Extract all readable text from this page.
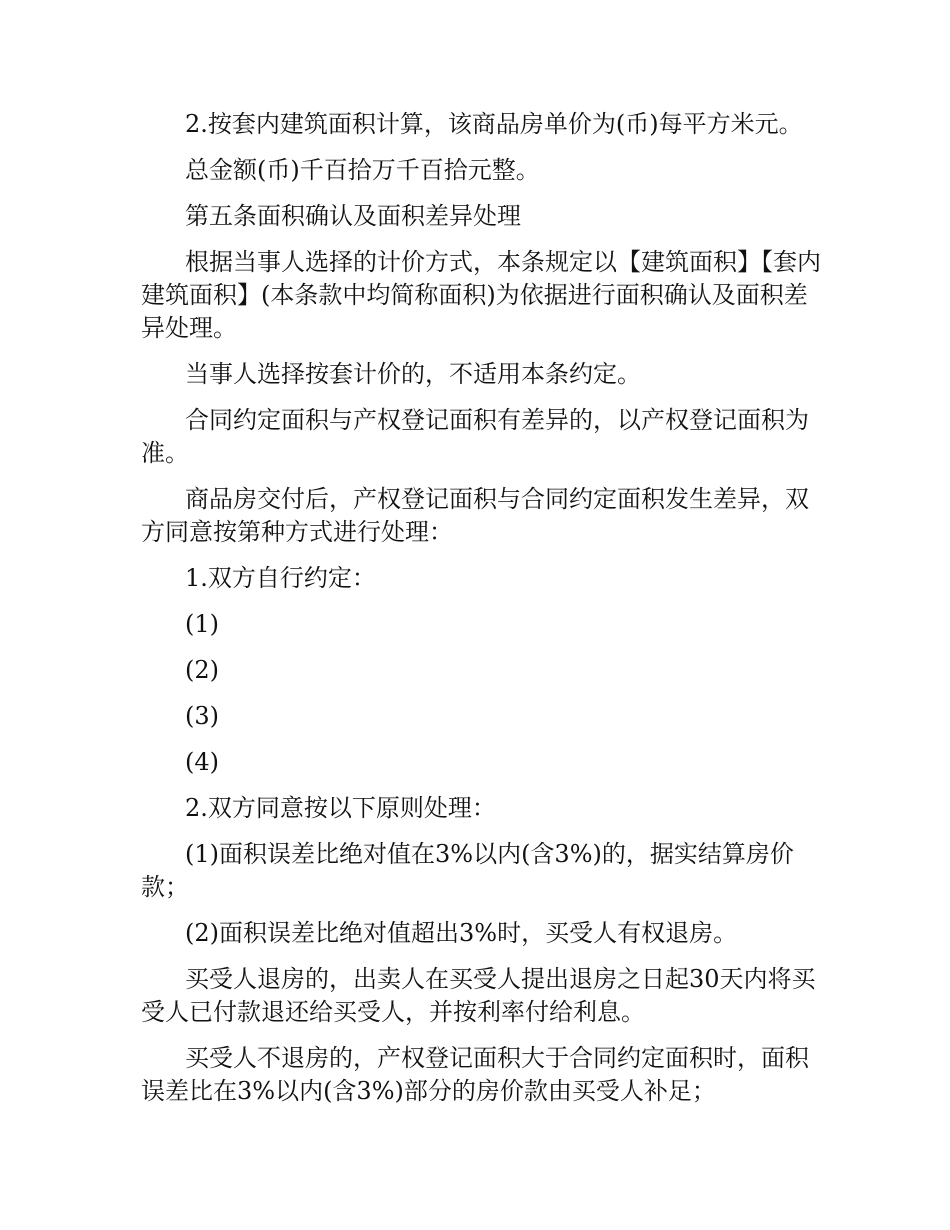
2.按套内建筑面积计算，该商品房单价为(币)每平方米元。

总金额(币)千百拾万千百拾元整。

第五条面积确认及面积差异处理

根据当事人选择的计价方式，本条规定以【建筑面积】【套内建筑面积】(本条款中均简称面积)为依据进行面积确认及面积差异处理。

当事人选择按套计价的，不适用本条约定。

合同约定面积与产权登记面积有差异的，以产权登记面积为准。

商品房交付后，产权登记面积与合同约定面积发生差异，双方同意按第种方式进行处理：

1.双方自行约定：

(1)

(2)

(3)

(4)

2.双方同意按以下原则处理：

(1)面积误差比绝对值在3%以内(含3%)的，据实结算房价款；

(2)面积误差比绝对值超出3%时，买受人有权退房。

买受人退房的，出卖人在买受人提出退房之日起30天内将买受人已付款退还给买受人，并按利率付给利息。

买受人不退房的，产权登记面积大于合同约定面积时，面积误差比在3%以内(含3%)部分的房价款由买受人补足；
